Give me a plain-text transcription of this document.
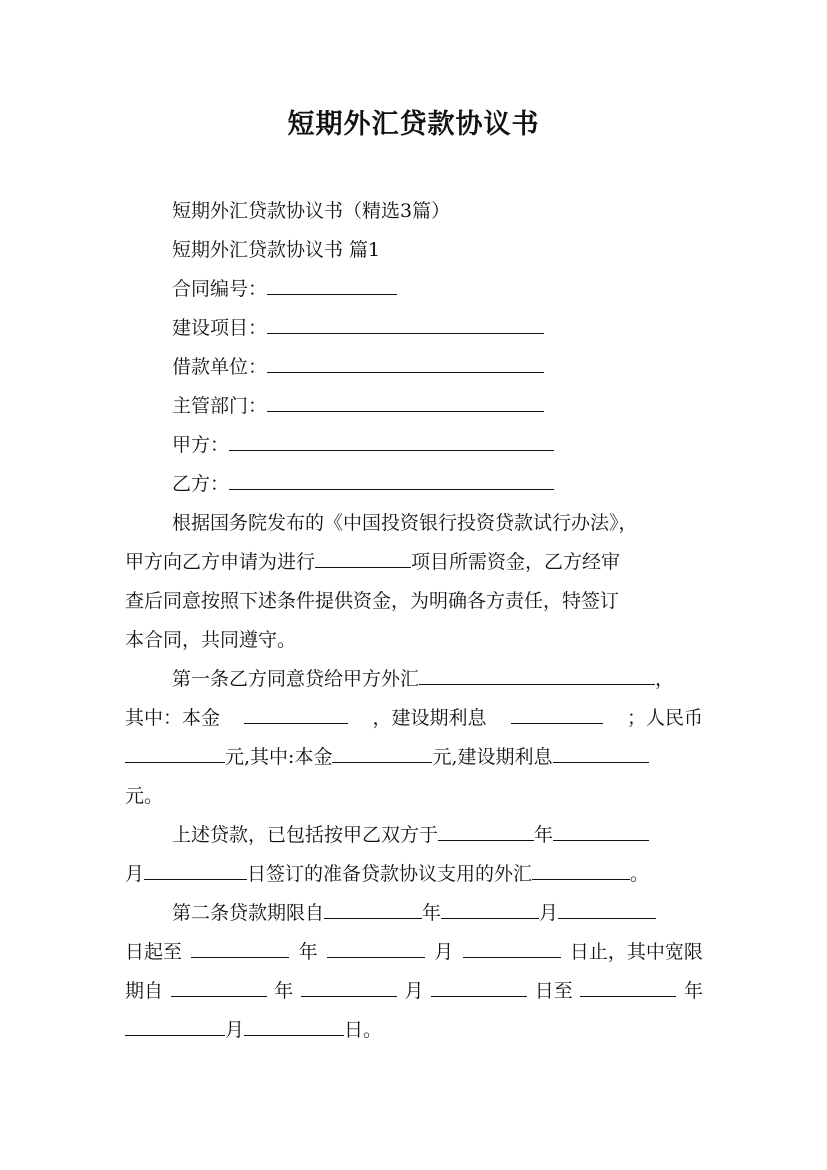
短期外汇贷款协议书
短期外汇贷款协议书（精选3篇）
短期外汇贷款协议书 篇1
合同编号：
建设项目：
借款单位：
主管部门：
甲方：
乙方：
根据国务院发布的《中国投资银行投资贷款试行办法》，
甲方向乙方申请为进行	项目所需资金，乙方经审
查后同意按照下述条件提供资金，为明确各方责任，特签订
本合同，共同遵守。
第一条乙方同意贷给甲方外汇	，
其中：本金	，建设期利息	；人民币
元,其中:本金	元,建设期利息
元。
上述贷款，已包括按甲乙双方于	年
月	日签订的准备贷款协议支用的外汇	。
第二条贷款期限自	年	月
日起至	年	月	日止，其中宽限
期自	年	月	日至	年
月	日。
